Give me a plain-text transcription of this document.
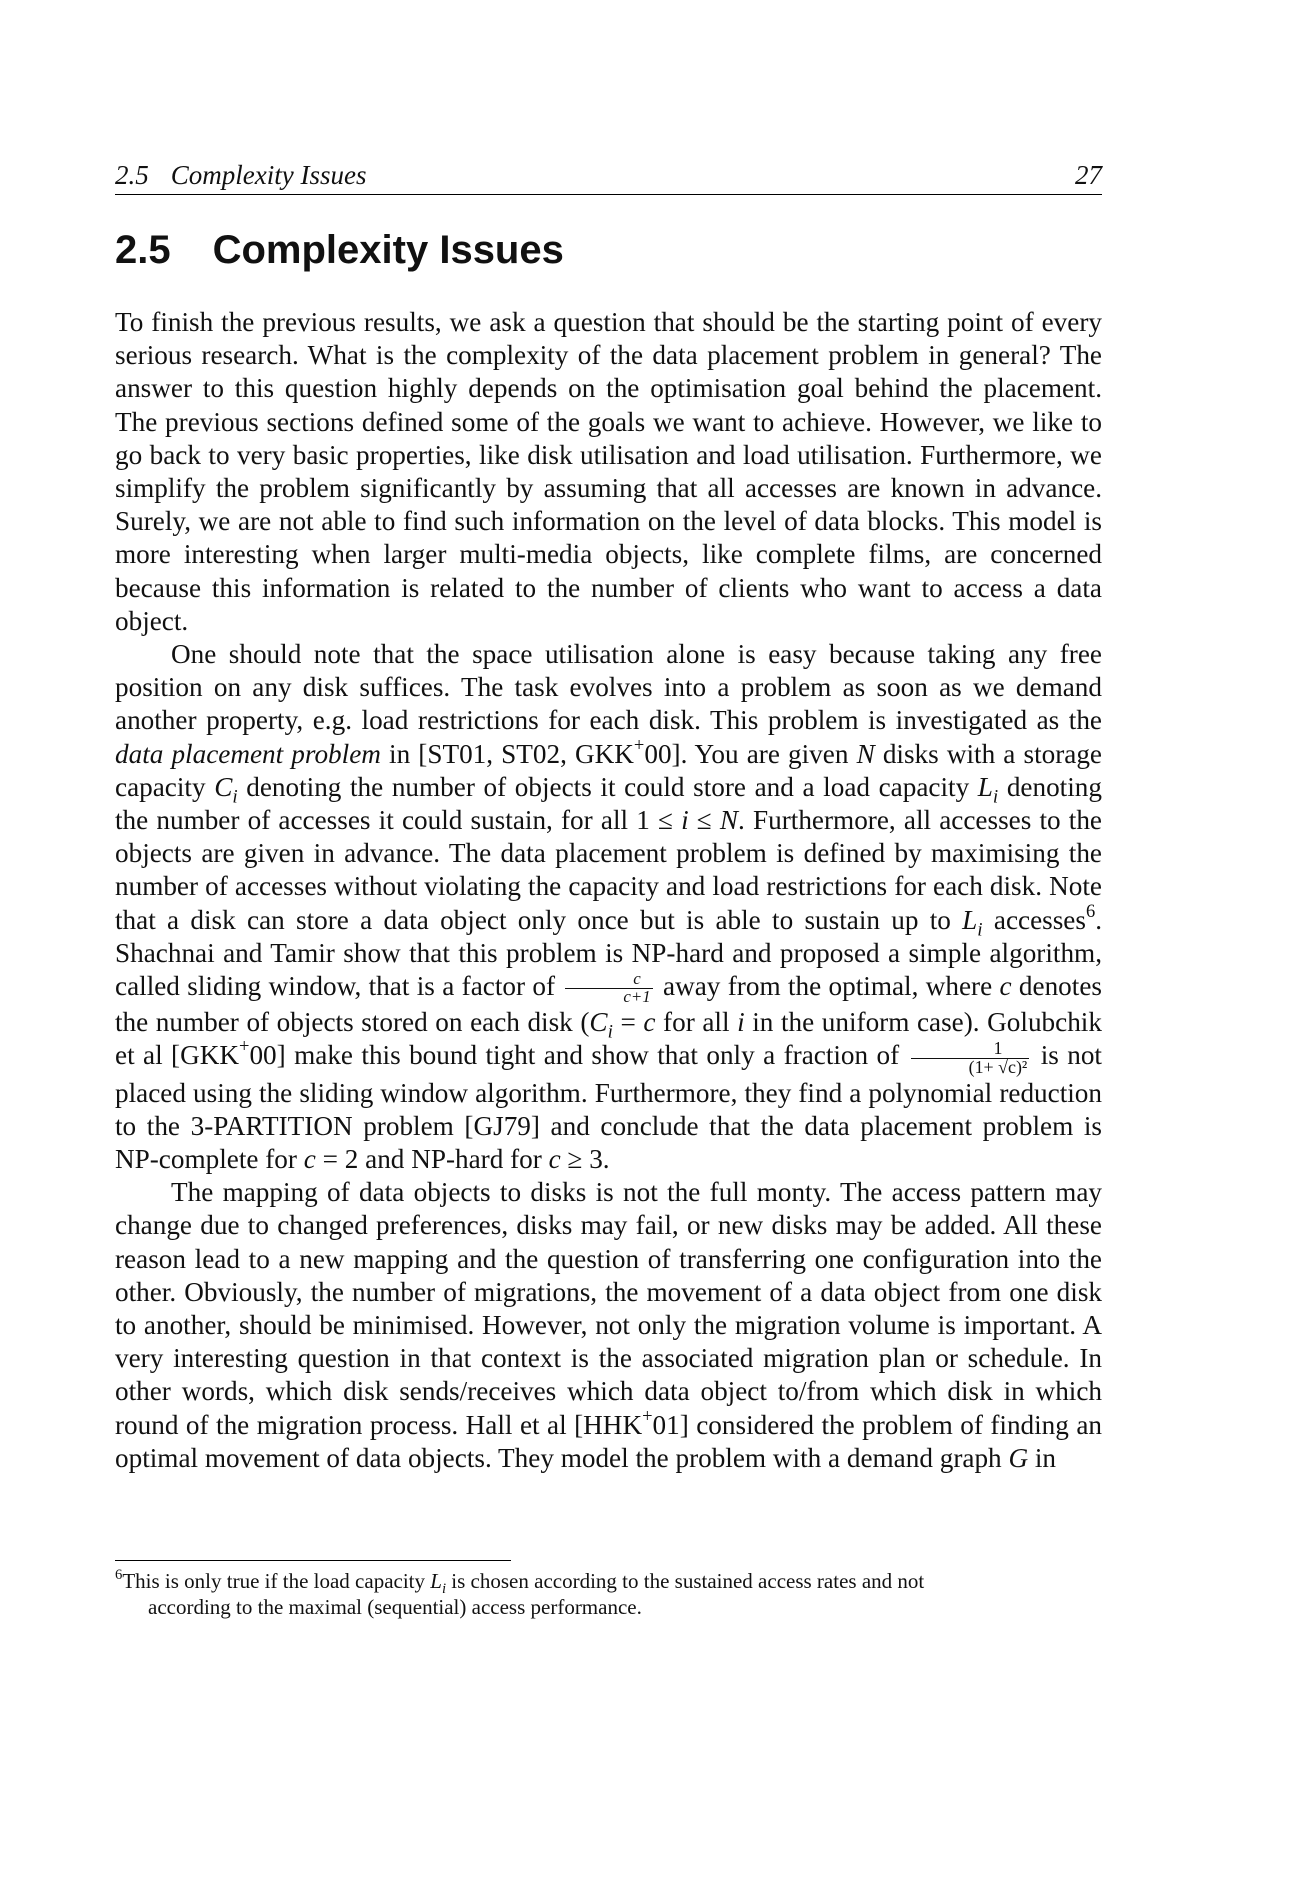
2.5 Complexity Issues	27
2.5 Complexity Issues

To finish the previous results, we ask a question that should be the starting point of every serious research. What is the complexity of the data placement problem in general? The answer to this question highly depends on the optimisation goal behind the placement. The previous sections defined some of the goals we want to achieve. However, we like to go back to very basic properties, like disk utilisation and load utilisation. Furthermore, we simplify the problem significantly by assuming that all accesses are known in advance. Surely, we are not able to find such information on the level of data blocks. This model is more interesting when larger multi-media objects, like complete films, are concerned because this information is related to the number of clients who want to access a data object.

One should note that the space utilisation alone is easy because taking any free position on any disk suffices. The task evolves into a problem as soon as we demand another property, e.g. load restrictions for each disk. This problem is investigated as the data placement problem in [ST01, ST02, GKK+00]. You are given N disks with a storage capacity $C_i$ denoting the number of objects it could store and a load capacity $L_i$ denoting the number of accesses it could sustain, for all 1 ≤ i ≤ N. Furthermore, all accesses to the objects are given in advance. The data placement problem is defined by maximising the number of accesses without violating the capacity and load restrictions for each disk. Note that a disk can store a data object only once but is able to sustain up to $L_i$ accesses$^6$. Shachnai and Tamir show that this problem is NP-hard and proposed a simple algorithm, called sliding window, that is a factor of $\frac{c}{c+1}$ away from the optimal, where c denotes the number of objects stored on each disk ($C_i = c$ for all i in the uniform case). Golubchik et al [GKK+00] make this bound tight and show that only a fraction of $\frac{1}{\text{(1+ √c)²}}$ is not placed using the sliding window algorithm. Furthermore, they find a polynomial reduction to the 3-PARTITION problem [GJ79] and conclude that the data placement problem is NP-complete for c = 2 and NP-hard for c ≥ 3.

The mapping of data objects to disks is not the full monty. The access pattern may change due to changed preferences, disks may fail, or new disks may be added. All these reason lead to a new mapping and the question of transferring one configuration into the other. Obviously, the number of migrations, the movement of a data object from one disk to another, should be minimised. However, not only the migration volume is important. A very interesting question in that context is the associated migration plan or schedule. In other words, which disk sends/receives which data object to/from which disk in which round of the migration process. Hall et al [HHK+01] considered the problem of finding an optimal movement of data objects. They model the problem with a demand graph G in

$^6$This is only true if the load capacity $L_i$ is chosen according to the sustained access rates and not
according to the maximal (sequential) access performance.
